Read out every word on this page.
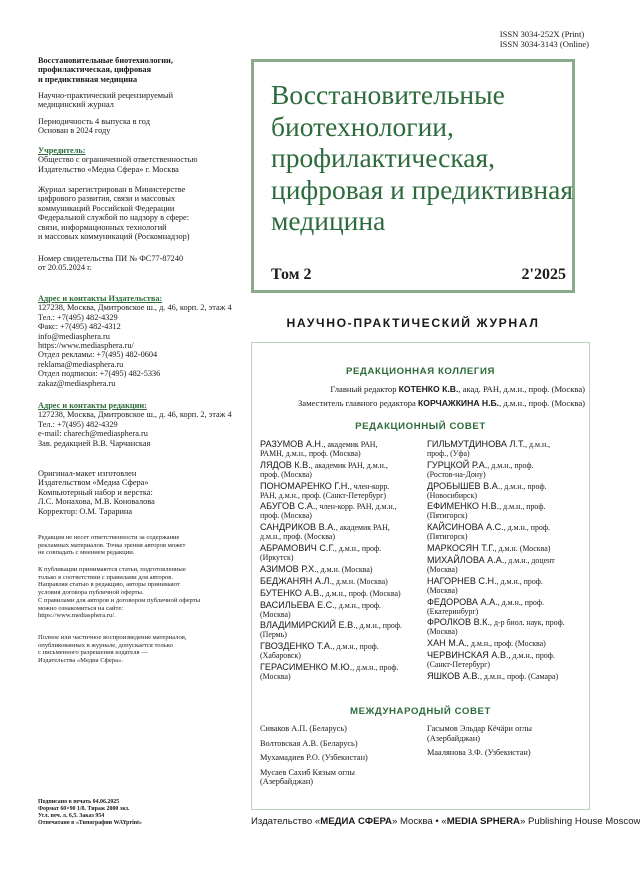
ISSN 3034-252X (Print)
ISSN 3034-3143 (Online)
Восстановительные биотехнологии,
профилактическая, цифровая
и предиктивная медицина
Научно-практический рецензируемый
медицинский журнал
Периодичность 4 выпуска в год
Основан в 2024 году
Учредитель:
Общество с ограниченной ответственностью
Издательство «Медиа Сфера» г. Москва
Журнал зарегистрирован в Министерстве
цифрового развития, связи и массовых
коммуникаций Российской Федерации
Федеральной службой по надзору в сфере:
связи, информационных технологий
и массовых коммуникаций (Роскомнадзор)
Номер свидетельства ПИ № ФС77-87240
от 20.05.2024 г.
Адрес и контакты Издательства:
127238, Москва, Дмитровское ш., д. 46, корп. 2, этаж 4
Тел.: +7(495) 482-4329
Факс: +7(495) 482-4312
info@mediasphera.ru
https://www.mediasphera.ru/
Отдел рекламы: +7(495) 482-0604
reklama@mediasphera.ru
Отдел подписки: +7(495) 482-5336
zakaz@mediasphera.ru
Адрес и контакты редакции:
127238, Москва, Дмитровское ш., д. 46, корп. 2, этаж 4
Тел.: +7(495) 482-4329
e-mail: charech@mediasphera.ru
Зав. редакцией В.В. Чарчанская
Оригинал-макет изготовлен
Издательством «Медиа Сфера»
Компьютерный набор и верстка:
Л.С. Монахова, М.В. Коновалова
Корректор: О.М. Тарарина
Редакция не несет ответственности за содержание
рекламных материалов. Точка зрения авторов может
не совпадать с мнением редакции.
К публикации принимаются статьи, подготовленные
только в соответствии с правилами для авторов.
Направляя статью в редакцию, авторы принимают
условия договора публичной оферты.
С правилами для авторов и договором публичной оферты
можно ознакомиться на сайте:
https://www.mediasphera.ru/.
Полное или частичное воспроизведение материалов,
опубликованных в журнале, допускается только
с письменного разрешения издателя —
Издательства «Медиа Сфера».
Подписано в печать 04.06.2025
Формат 60×90 1/8. Тираж 2000 экз.
Усл. печ. л. 6,5. Заказ 954
Отпечатано в «Типографии WAYprint»
Восстановительные
биотехнологии,
профилактическая,
цифровая и предиктивная
медицина
Том 2	2'2025
НАУЧНО-ПРАКТИЧЕСКИЙ ЖУРНАЛ
РЕДАКЦИОННАЯ КОЛЛЕГИЯ
Главный редактор КОТЕНКО К.В., акад. РАН, д.м.н., проф. (Москва)
Заместитель главного редактора КОРЧАЖКИНА Н.Б., д.м.н., проф. (Москва)
РЕДАКЦИОННЫЙ СОВЕТ
РАЗУМОВ А.Н., академик РАН,
РАМН, д.м.н., проф. (Москва)
ЛЯДОВ К.В., академик РАН, д.м.н.,
проф. (Москва)
ПОНОМАРЕНКО Г.Н., член-корр.
РАН, д.м.н., проф. (Санкт-Петербург)
АБУГОВ С.А., член-корр. РАН, д.м.н.,
проф. (Москва)
САНДРИКОВ В.А., академик РАН,
д.м.н., проф. (Москва)
АБРАМОВИЧ С.Г., д.м.н., проф.
(Иркутск)
АЗИМОВ Р.Х., д.м.н. (Москва)
БЕДЖАНЯН А.Л., д.м.н. (Москва)
БУТЕНКО А.В., д.м.н., проф. (Москва)
ВАСИЛЬЕВА Е.С., д.м.н., проф.
(Москва)
ВЛАДИМИРСКИЙ Е.В., д.м.н., проф.
(Пермь)
ГВОЗДЕНКО Т.А., д.м.н., проф.
(Хабаровск)
ГЕРАСИМЕНКО М.Ю., д.м.н., проф.
(Москва)
ГИЛЬМУТДИНОВА Л.Т., д.м.н.,
проф., (Уфа)
ГУРЦКОЙ Р.А., д.м.н., проф.
(Ростов-на-Дону)
ДРОБЫШЕВ В.А., д.м.н., проф.
(Новосибирск)
ЕФИМЕНКО Н.В., д.м.н., проф.
(Пятигорск)
КАЙСИНОВА А.С., д.м.н., проф.
(Пятигорск)
МАРКОСЯН Т.Г., д.м.н. (Москва)
МИХАЙЛОВА А.А., д.м.н., доцент
(Москва)
НАГОРНЕВ С.Н., д.м.н., проф.
(Москва)
ФЕДОРОВА А.А., д.м.н., проф.
(Екатеринбург)
ФРОЛКОВ В.К., д-р биол. наук, проф.
(Москва)
ХАН М.А., д.м.н., проф. (Москва)
ЧЕРВИНСКАЯ А.В., д.м.н., проф.
(Санкт-Петербург)
ЯШКОВ А.В., д.м.н., проф. (Самара)
МЕЖДУНАРОДНЫЙ СОВЕТ
Сиваков А.П. (Беларусь)
Волтовская А.В. (Беларусь)
Мухамадиев Р.О. (Узбекистан)
Мусаев Сахиб Кязым оглы
(Азербайджан)
Гасымов Эльдар Кёчäри оглы
(Азербайджан)
Маалянова З.Ф. (Узбекистан)
Издательство «МЕДИА СФЕРА» Москва • «MEDIA SPHERA» Publishing House Moscow
